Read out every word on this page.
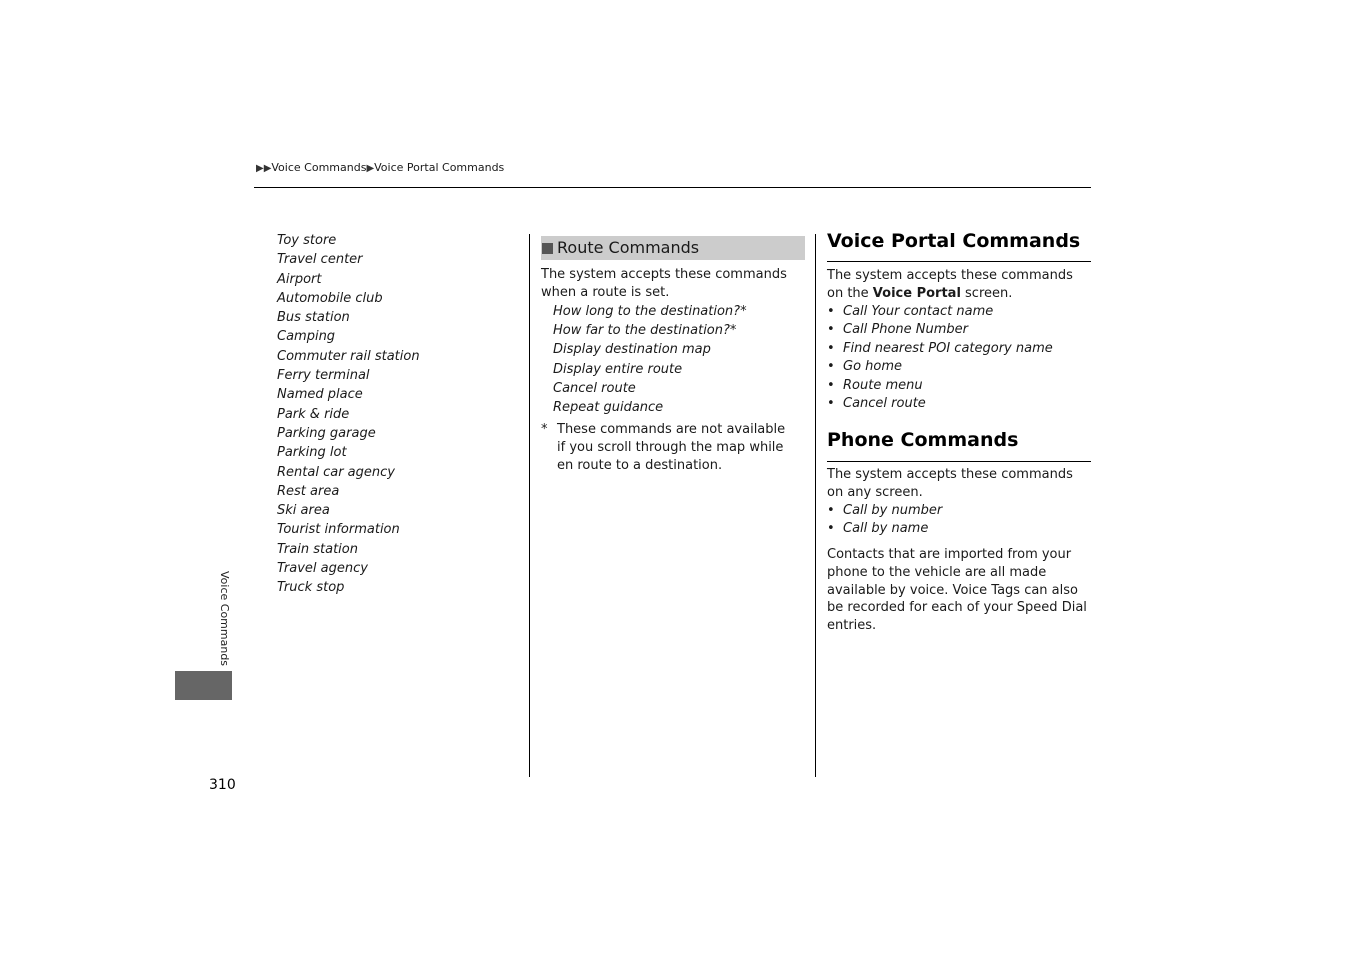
▶▶Voice Commands▶Voice Portal Commands
Voice Commands
310
Toy store
Travel center
Airport
Automobile club
Bus station
Camping
Commuter rail station
Ferry terminal
Named place
Park & ride
Parking garage
Parking lot
Rental car agency
Rest area
Ski area
Tourist information
Train station
Travel agency
Truck stop
Route Commands
The system accepts these commands when a route is set.
How long to the destination?*
How far to the destination?*
Display destination map
Display entire route
Cancel route
Repeat guidance
* These commands are not available if you scroll through the map while en route to a destination.
Voice Portal Commands
The system accepts these commands on the Voice Portal screen.
• Call Your contact name
• Call Phone Number
• Find nearest POI category name
• Go home
• Route menu
• Cancel route
Phone Commands
The system accepts these commands on any screen.
• Call by number
• Call by name
Contacts that are imported from your phone to the vehicle are all made available by voice. Voice Tags can also be recorded for each of your Speed Dial entries.
